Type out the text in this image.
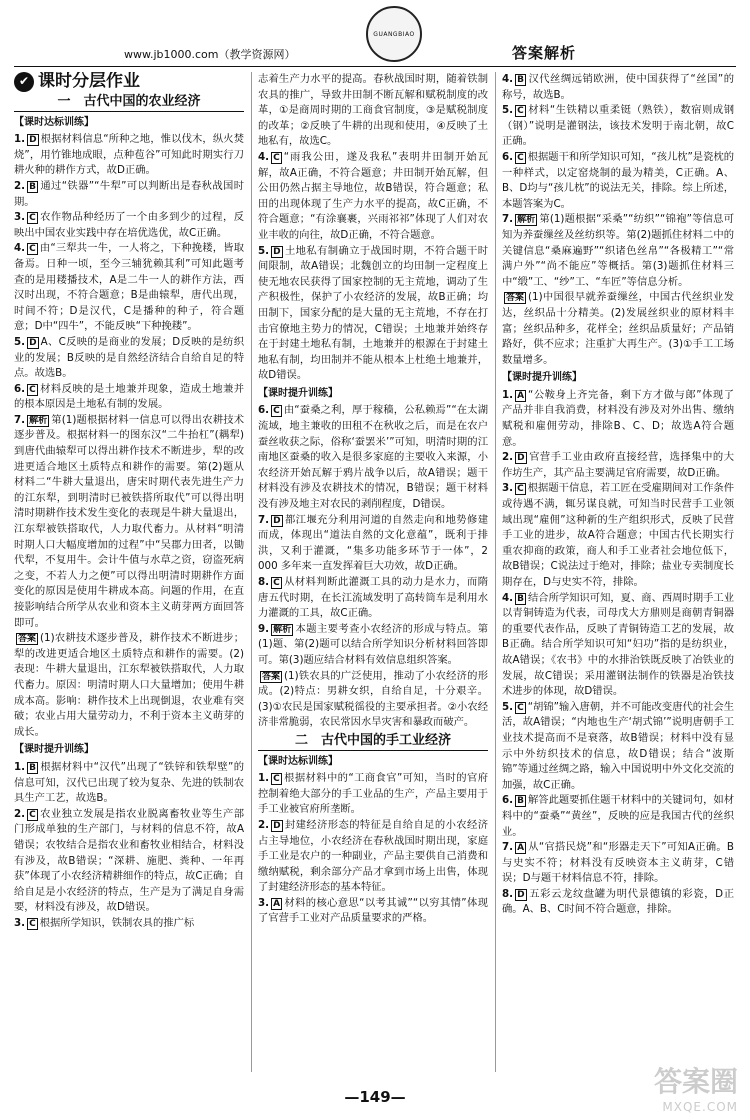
www.jb1000.com（教学资源网）
GUANGBIAO
答案解析
✔ 课时分层作业
一　古代中国的农业经济
【 课时达标训练 】

1. D 根据材料信息“所种之地，惟以伐木，纵火焚烧”，用竹锥地成眼，点种苞谷”可知此时期实行刀耕火种的耕作方式，故D正确。

2. B 通过“铁器”“牛犁”可以判断出是春秋战国时期。

3. C 农作物品种经历了一个由多到少的过程，反映出中国农业实践中存在培优选优，故C正确。

4. C 由“三犁共一牛，一人将之，下种挽耧，皆取备焉。日种一顷，至今三辅犹赖其利”可知此题考查的是用耧播技术，A是二牛一人的耕作方法，西汉时出现，不符合题意；B是曲辕犁，唐代出现，时间不符；D是汉代，C是播种的种子，符合题意；D中“四牛”，不能反映“下种挽耧”。

5. D A、C反映的是商业的发展；D反映的是纺织业的发展；B反映的是自然经济结合自给自足的特点。故选B。

6. C 材料反映的是土地兼并现象，造成土地兼并的根本原因是土地私有制的发展。

7. 解析 第(1)题根据材料一信息可以得出农耕技术逐步普及。根据材料一的图东汉“二牛抬杠”(耦犁)到唐代曲辕犁可以得出耕作技术不断进步，犁的改进更适合地区土质特点和耕作的需要。第(2)题从材料二“牛耕大量退出，唐宋时期代表先进生产力的江东犁，到明清时已被铁搭所取代”可以得出明清时期耕作技术发生变化的表现是牛耕大量退出，江东犁被铁搭取代，人力取代畜力。从材料“明清时期人口大幅度增加的过程”中“吴郡力田者，以锄代犁，不复用牛。会计牛值与水草之资，窃盗死病之变，不若人力之便”可以得出明清时期耕作方面变化的原因是使用牛耕成本高。问题的作用，在直接影响结合所学从农业和资本主义萌芽两方面回答即可。

答案 (1)农耕技术逐步普及，耕作技术不断进步；犁的改进更适合地区土质特点和耕作的需要。(2)表现：牛耕大量退出，江东犁被铁搭取代，人力取代畜力。原因：明清时期人口大量增加；使用牛耕成本高。影响：耕作技术上出现倒退，农业难有突破；农业占用大量劳动力，不利于资本主义萌芽的成长。

【 课时提升训练 】

1. B 根据材料中“汉代”出现了“铁锌和铁犁壁”的信息可知，汉代已出现了较为复杂、先进的铁制农具生产工艺，故选B。

2. C 农业独立发展是指农业脱离畜牧业等生产部门形成单独的生产部门，与材料的信息不符，故A错误；农牧结合是指农业和畜牧业相结合，材料没有涉及，故B错误；“深耕、施肥、粪种、一年再获”体现了小农经济精耕细作的特点，故C正确；自给自足是小农经济的特点，生产是为了满足自身需要，材料没有涉及，故D错误。

3. C 根据所学知识，铁制农具的推广标

志着生产力水平的提高。春秋战国时期，随着铁制农具的推广，导致井田制不断瓦解和赋税制度的改革，①是商周时期的工商食官制度，③是赋税制度的改革；②反映了牛耕的出现和使用，④反映了土地私有，故选C。

4. C “雨我公田，遂及我私”表明井田制开始瓦解，故A正确，不符合题意；井田制开始瓦解，但公田仍然占据主导地位，故B错误，符合题意；私田的出现体现了生产力水平的提高，故C正确，不符合题意；“有涂襄裹，兴雨祁祁”体现了人们对农业丰收的向往，故D正确，不符合题意。

5. D 土地私有制确立于战国时期，不符合题干时间限制，故A错误；北魏创立的均田制一定程度上使无地农民获得了国家控制的无主荒地，调动了生产积极性，保护了小农经济的发展，故B正确；均田制下，国家分配的是大量的无主荒地，不存在打击官僚地主势力的情况，C错误；土地兼并始终存在于封建土地私有制，土地兼并的根源在于封建土地私有制，均田制并不能从根本上杜绝土地兼并，故D错误。

【 课时提升训练 】

6. C 由“蚕桑之利，厚于稼穑，公私赖焉”“在太湖流域，地主兼收的田租不在秋收之后，而是在农户蚕丝收获之际，俗称‘蚕罢米’”可知，明清时期的江南地区蚕桑的收入是很多家庭的主要收入来源，小农经济开始瓦解于鸦片战争以后，故A错误；题干材料没有涉及农耕技术的情况，B错误；题干材料没有涉及地主对农民的剥削程度，D错误。

7. D 都江堰充分利用河道的自然走向和地势修建而成，体现出“道法自然的文化意蕴”，既利于排洪，又利于灌溉，“集多功能多环节于一体”，2 000 多年来一直发挥着巨大功效，故D正确。

8. C 从材料判断此灌溉工具的动力是水力，而隋唐五代时期，在长江流域发明了高转筒车是利用水力灌溉的工具，故C正确。

9. 解析 本题主要考查小农经济的形成与特点。第(1)题、第(2)题可以结合所学知识分析材料回答即可。第(3)题应结合材料有效信息组织答案。

答案 (1)铁农具的广泛使用，推动了小农经济的形成。(2)特点：男耕女织，自给自足，十分艰辛。(3)①农民是国家赋税徭役的主要承担者。②小农经济非常脆弱，农民常因水旱灾害和暴政而破产。

二　古代中国的手工业经济
【 课时达标训练 】

1. C 根据材料中的“工商食官”可知，当时的官府控制着绝大部分的手工业品的生产，产品主要用于手工业被官府所垄断。

2. D 封建经济形态的特征是自给自足的小农经济占主导地位，小农经济在春秋战国时期出现，家庭手工业是农户的一种副业，产品主要供自己消费和缴纳赋税，剩余部分产品才拿到市场上出售，体现了封建经济形态的基本特征。

3. A 材料的核心意思“以考其诚”“以穷其情”体现了官营手工业对产品质量要求的严格。

4. B 汉代丝绸远销欧洲，使中国获得了“丝国”的称号，故选B。

5. C 材料“生铁精以重柔铤（熟铁），数宿则成钢（钢）”说明是灌钢法，该技术发明于南北朝，故C正确。

6. C 根据题干和所学知识可知，“孩儿枕”是瓷枕的一种样式，以定窑烧制的最为精美，C正确。A、B、D均与“孩儿枕”的说法无关，排除。综上所述，本题答案为C。

7. 解析 第(1)题根据“采桑”“纺织”“锦袍”等信息可知为养蚕缫丝及丝纺织等。第(2)题抓住材料二中的关键信息“桑麻遍野”“织诸色丝帛”“各极精工”“常满户外”“尚不能应”等概括。第(3)题抓住材料三中“缎”工、“纱”工、“车匠”等信息分析。

答案 (1)中国很早就养蚕缫丝，中国古代丝织业发达，丝织品十分精美。(2)发展丝织业的原材料丰富；丝织品种多，花样全；丝织品质量好；产品销路好，供不应求；注重扩大再生产。(3)①手工工场数量增多。

【 课时提升训练 】

1. A “公鞍身上齐完备，剩下方才做与郎”体现了产品并非自我消费，材料没有涉及对外出售、缴纳赋税和雇佣劳动，排除B、C、D；故选A符合题意。

2. D 官营手工业由政府直接经营，选择集中的大作坊生产，其产品主要满足官府需要，故D正确。

3. C 根据题干信息，若工匠在受雇期间对工作条件或待遇不满，辄另谋良就，可知当时民营手工业领域出现“雇佣”这种新的生产组织形式，反映了民营手工业的进步，故A符合题意；中国古代长期实行重农抑商的政策，商人和手工业者社会地位低下，故B错误；C说法过于绝对，排除；盐业专卖制度长期存在，D与史实不符，排除。

4. B 结合所学知识可知，夏、商、西周时期手工业以青铜铸造为代表，司母戊大方鼎则是商朝青铜器的重要代表作品，反映了青铜铸造工艺的发展，故B正确。结合所学知识可知“妇功”指的是纺织业，故A错误；《农书》中的水排治铁既反映了冶铁业的发展，故C错误；采用灌钢法制作的铁器是冶铁技术进步的体现，故D错误。

5. C “胡锦”输入唐朝，并不可能改变唐代的社会生活，故A错误；“内地也生产‘胡式锦’”说明唐朝手工业技术提高而不是衰落，故B错误；材料中没有显示中外纺织技术的信息，故D错误；结合“波斯锦”等通过丝绸之路，输入中国说明中外文化交流的加强，故C正确。

6. B 解答此题要抓住题干材料中的关键词句，如材料中的“蚕桑”“黄丝”，反映的应是我国古代的丝织业。

7. A 从“官搭民烧”和“形器走天下”可知A正确。B与史实不符；材料没有反映资本主义萌芽，C错误；D与题干材料信息不符，排除。

8. D 五彩云龙纹盘罐为明代景德镇的彩瓷，D正确。A、B、C时间不符合题意，排除。

—149—	答案圈
MXQE.COM
